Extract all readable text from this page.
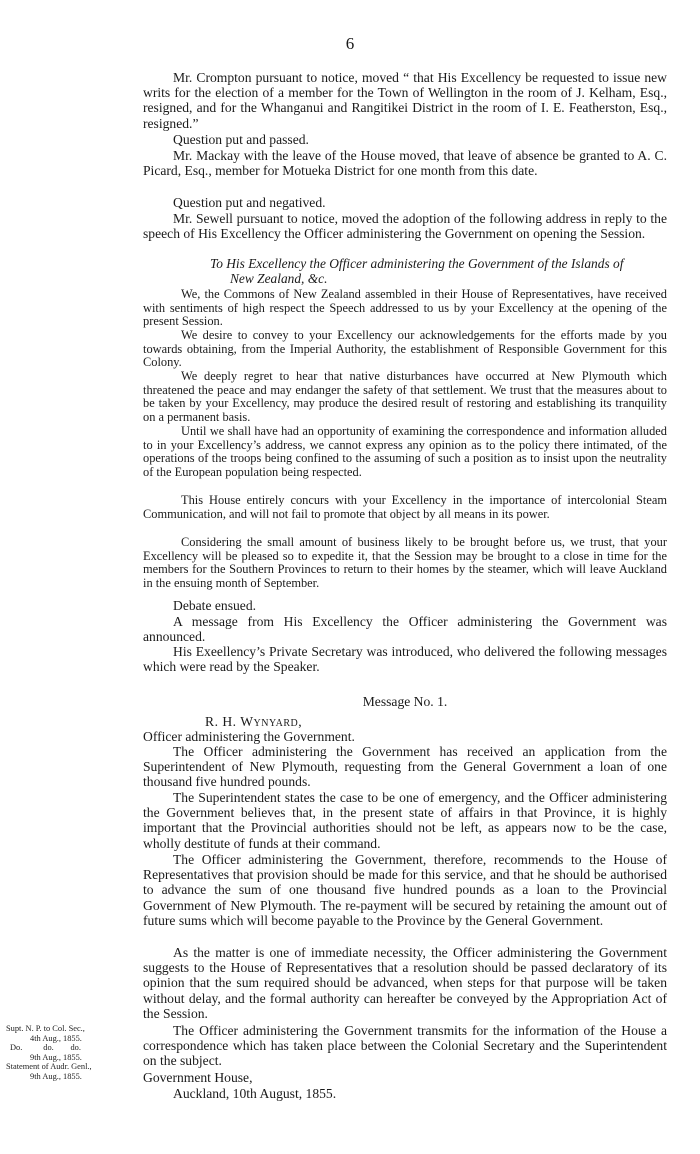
6

Mr. Crompton pursuant to notice, moved “ that His Excellency be requested to issue new writs for the election of a member for the Town of Wellington in the room of J. Kelham, Esq., resigned, and for the Whanganui and Rangitikei District in the room of I. E. Featherston, Esq., resigned.”

Question put and passed.

Mr. Mackay with the leave of the House moved, that leave of absence be granted to A. C. Picard, Esq., member for Motueka District for one month from this date.

Question put and negatived.

Mr. Sewell pursuant to notice, moved the adoption of the following address in reply to the speech of His Excellency the Officer administering the Government on opening the Session.

To His Excellency the Officer administering the Government of the Islands of
New Zealand, &c.

We, the Commons of New Zealand assembled in their House of Representatives, have received with sentiments of high respect the Speech addressed to us by your Excellency at the opening of the present Session.

We desire to convey to your Excellency our acknowledgements for the efforts made by you towards obtaining, from the Imperial Authority, the establishment of Responsible Government for this Colony.

We deeply regret to hear that native disturbances have occurred at New Plymouth which threatened the peace and may endanger the safety of that settlement. We trust that the measures about to be taken by your Excellency, may produce the desired result of restoring and establishing its tranquility on a permanent basis.

Until we shall have had an opportunity of examining the correspondence and information alluded to in your Excellency’s address, we cannot express any opinion as to the policy there intimated, of the operations of the troops being confined to the assuming of such a position as to insist upon the neutrality of the European population being respected.

This House entirely concurs with your Excellency in the importance of intercolonial Steam Communication, and will not fail to promote that object by all means in its power.

Considering the small amount of business likely to be brought before us, we trust, that your Excellency will be pleased so to expedite it, that the Session may be brought to a close in time for the members for the Southern Provinces to return to their homes by the steamer, which will leave Auckland in the ensuing month of September.

Debate ensued.

A message from His Excellency the Officer administering the Government was announced.

His Exeellency’s Private Secretary was introduced, who delivered the following messages which were read by the Speaker.

Message No. 1.

R. H. Wynyard,

Officer administering the Government.

The Officer administering the Government has received an application from the Superintendent of New Plymouth, requesting from the General Government a loan of one thousand five hundred pounds.

The Superintendent states the case to be one of emergency, and the Officer administering the Government believes that, in the present state of affairs in that Province, it is highly important that the Provincial authorities should not be left, as appears now to be the case, wholly destitute of funds at their command.

The Officer administering the Government, therefore, recommends to the House of Representatives that provision should be made for this service, and that he should be authorised to advance the sum of one thousand five hundred pounds as a loan to the Provincial Government of New Plymouth. The re-payment will be secured by retaining the amount out of future sums which will become payable to the Province by the General Government.

As the matter is one of immediate necessity, the Officer administering the Government suggests to the House of Representatives that a resolution should be passed declaratory of its opinion that the sum required should be advanced, when steps for that purpose will be taken without delay, and the formal authority can hereafter be conveyed by the Appropriation Act of the Session.

The Officer administering the Government transmits for the information of the House a correspondence which has taken place between the Colonial Secretary and the Superintendent on the subject.

Government House,

Auckland, 10th August, 1855.

Supt. N. P. to Col. Sec.,
4th Aug., 1855.
Do.          do.        do.
9th Aug., 1855.
Statement of Audr. Genl.,
9th Aug., 1855.
